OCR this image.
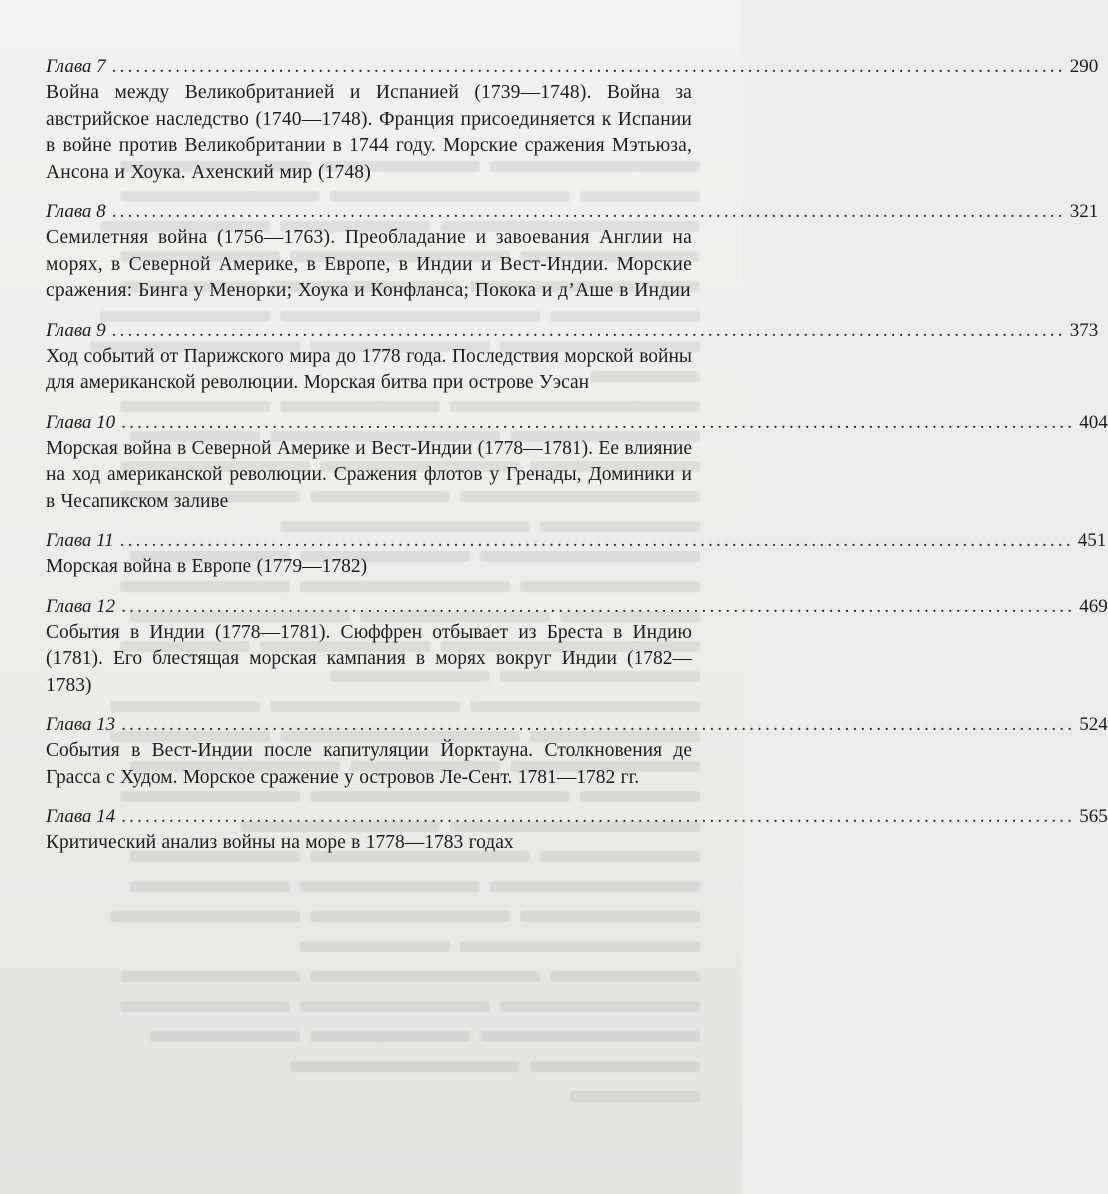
Глава 7 ........................................................................................................................ 290
Война между Великобританией и Испанией (1739—1748). Война за австрийское наследство (1740—1748). Франция присоединяется к Испании в войне против Великобритании в 1744 году. Морские сражения Мэтьюза, Ансона и Хоука. Ахенский мир (1748)
Глава 8 ........................................................................................................................ 321
Семилетняя война (1756—1763). Преобладание и завоевания Англии на морях, в Северной Америке, в Европе, в Индии и Вест-Индии. Морские сражения: Бинга у Менорки; Хоука и Конфланса; Покока и д’Аше в Индии
Глава 9 ........................................................................................................................ 373
Ход событий от Парижского мира до 1778 года. Последствия морской войны для американской революции. Морская битва при острове Уэсан
Глава 10 ........................................................................................................................ 404
Морская война в Северной Америке и Вест-Индии (1778—1781). Ее влияние на ход американской революции. Сражения флотов у Гренады, Доминики и в Чесапикском заливе
Глава 11 ........................................................................................................................ 451
Морская война в Европе (1779—1782)
Глава 12 ........................................................................................................................ 469
События в Индии (1778—1781). Сюффрен отбывает из Бреста в Индию (1781). Его блестящая морская кампания в морях вокруг Индии (1782—1783)
Глава 13 ........................................................................................................................ 524
События в Вест-Индии после капитуляции Йорктауна. Столкновения де Грасса с Худом. Морское сражение у островов Ле-Сент. 1781—1782 гг.
Глава 14 ........................................................................................................................ 565
Критический анализ войны на море в 1778—1783 годах
